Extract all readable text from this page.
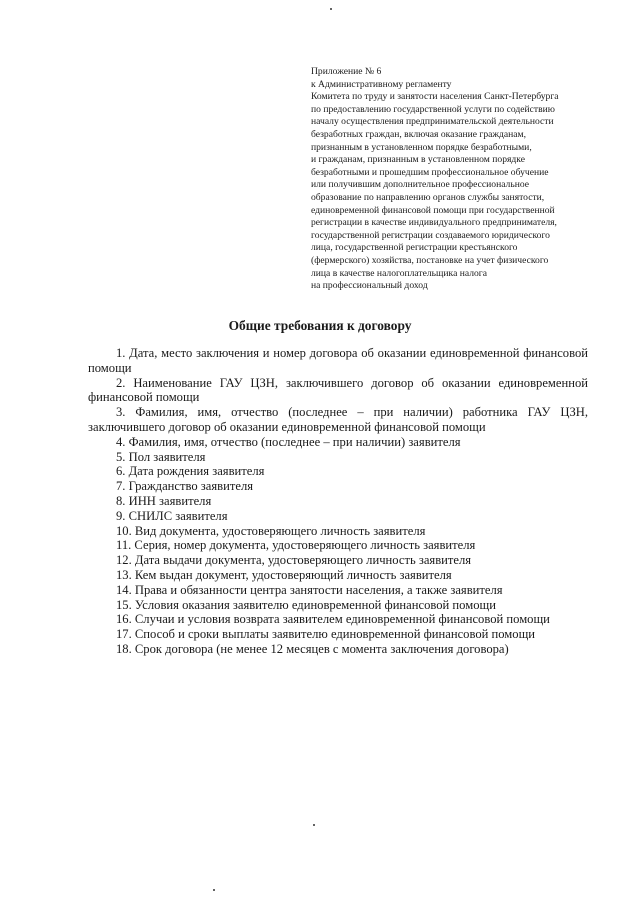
Приложение № 6
к Административному регламенту
Комитета по труду и занятости населения Санкт-Петербурга
по предоставлению государственной услуги по содействию
началу осуществления предпринимательской деятельности
безработных граждан, включая оказание гражданам,
признанным в установленном порядке безработными,
и гражданам, признанным в установленном порядке
безработными и прошедшим профессиональное обучение
или получившим дополнительное профессиональное
образование по направлению органов службы занятости,
единовременной финансовой помощи при государственной
регистрации в качестве индивидуального предпринимателя,
государственной регистрации создаваемого юридического
лица, государственной регистрации крестьянского
(фермерского) хозяйства, постановке на учет физического
лица в качестве налогоплательщика налога
на профессиональный доход
Общие требования к договору

1. Дата, место заключения и номер договора об оказании единовременной финансовой помощи

2. Наименование ГАУ ЦЗН, заключившего договор об оказании единовременной финансовой помощи

3. Фамилия, имя, отчество (последнее – при наличии) работника ГАУ ЦЗН, заключившего договор об оказании единовременной финансовой помощи

4. Фамилия, имя, отчество (последнее – при наличии) заявителя

5. Пол заявителя

6. Дата рождения заявителя

7. Гражданство заявителя

8. ИНН заявителя

9. СНИЛС заявителя

10. Вид документа, удостоверяющего личность заявителя

11. Серия, номер документа, удостоверяющего личность заявителя

12. Дата выдачи документа, удостоверяющего личность заявителя

13. Кем выдан документ, удостоверяющий личность заявителя

14. Права и обязанности центра занятости населения, а также заявителя

15. Условия оказания заявителю единовременной финансовой помощи

16. Случаи и условия возврата заявителем единовременной финансовой помощи

17. Способ и сроки выплаты заявителю единовременной финансовой помощи

18. Срок договора (не менее 12 месяцев с момента заключения договора)
